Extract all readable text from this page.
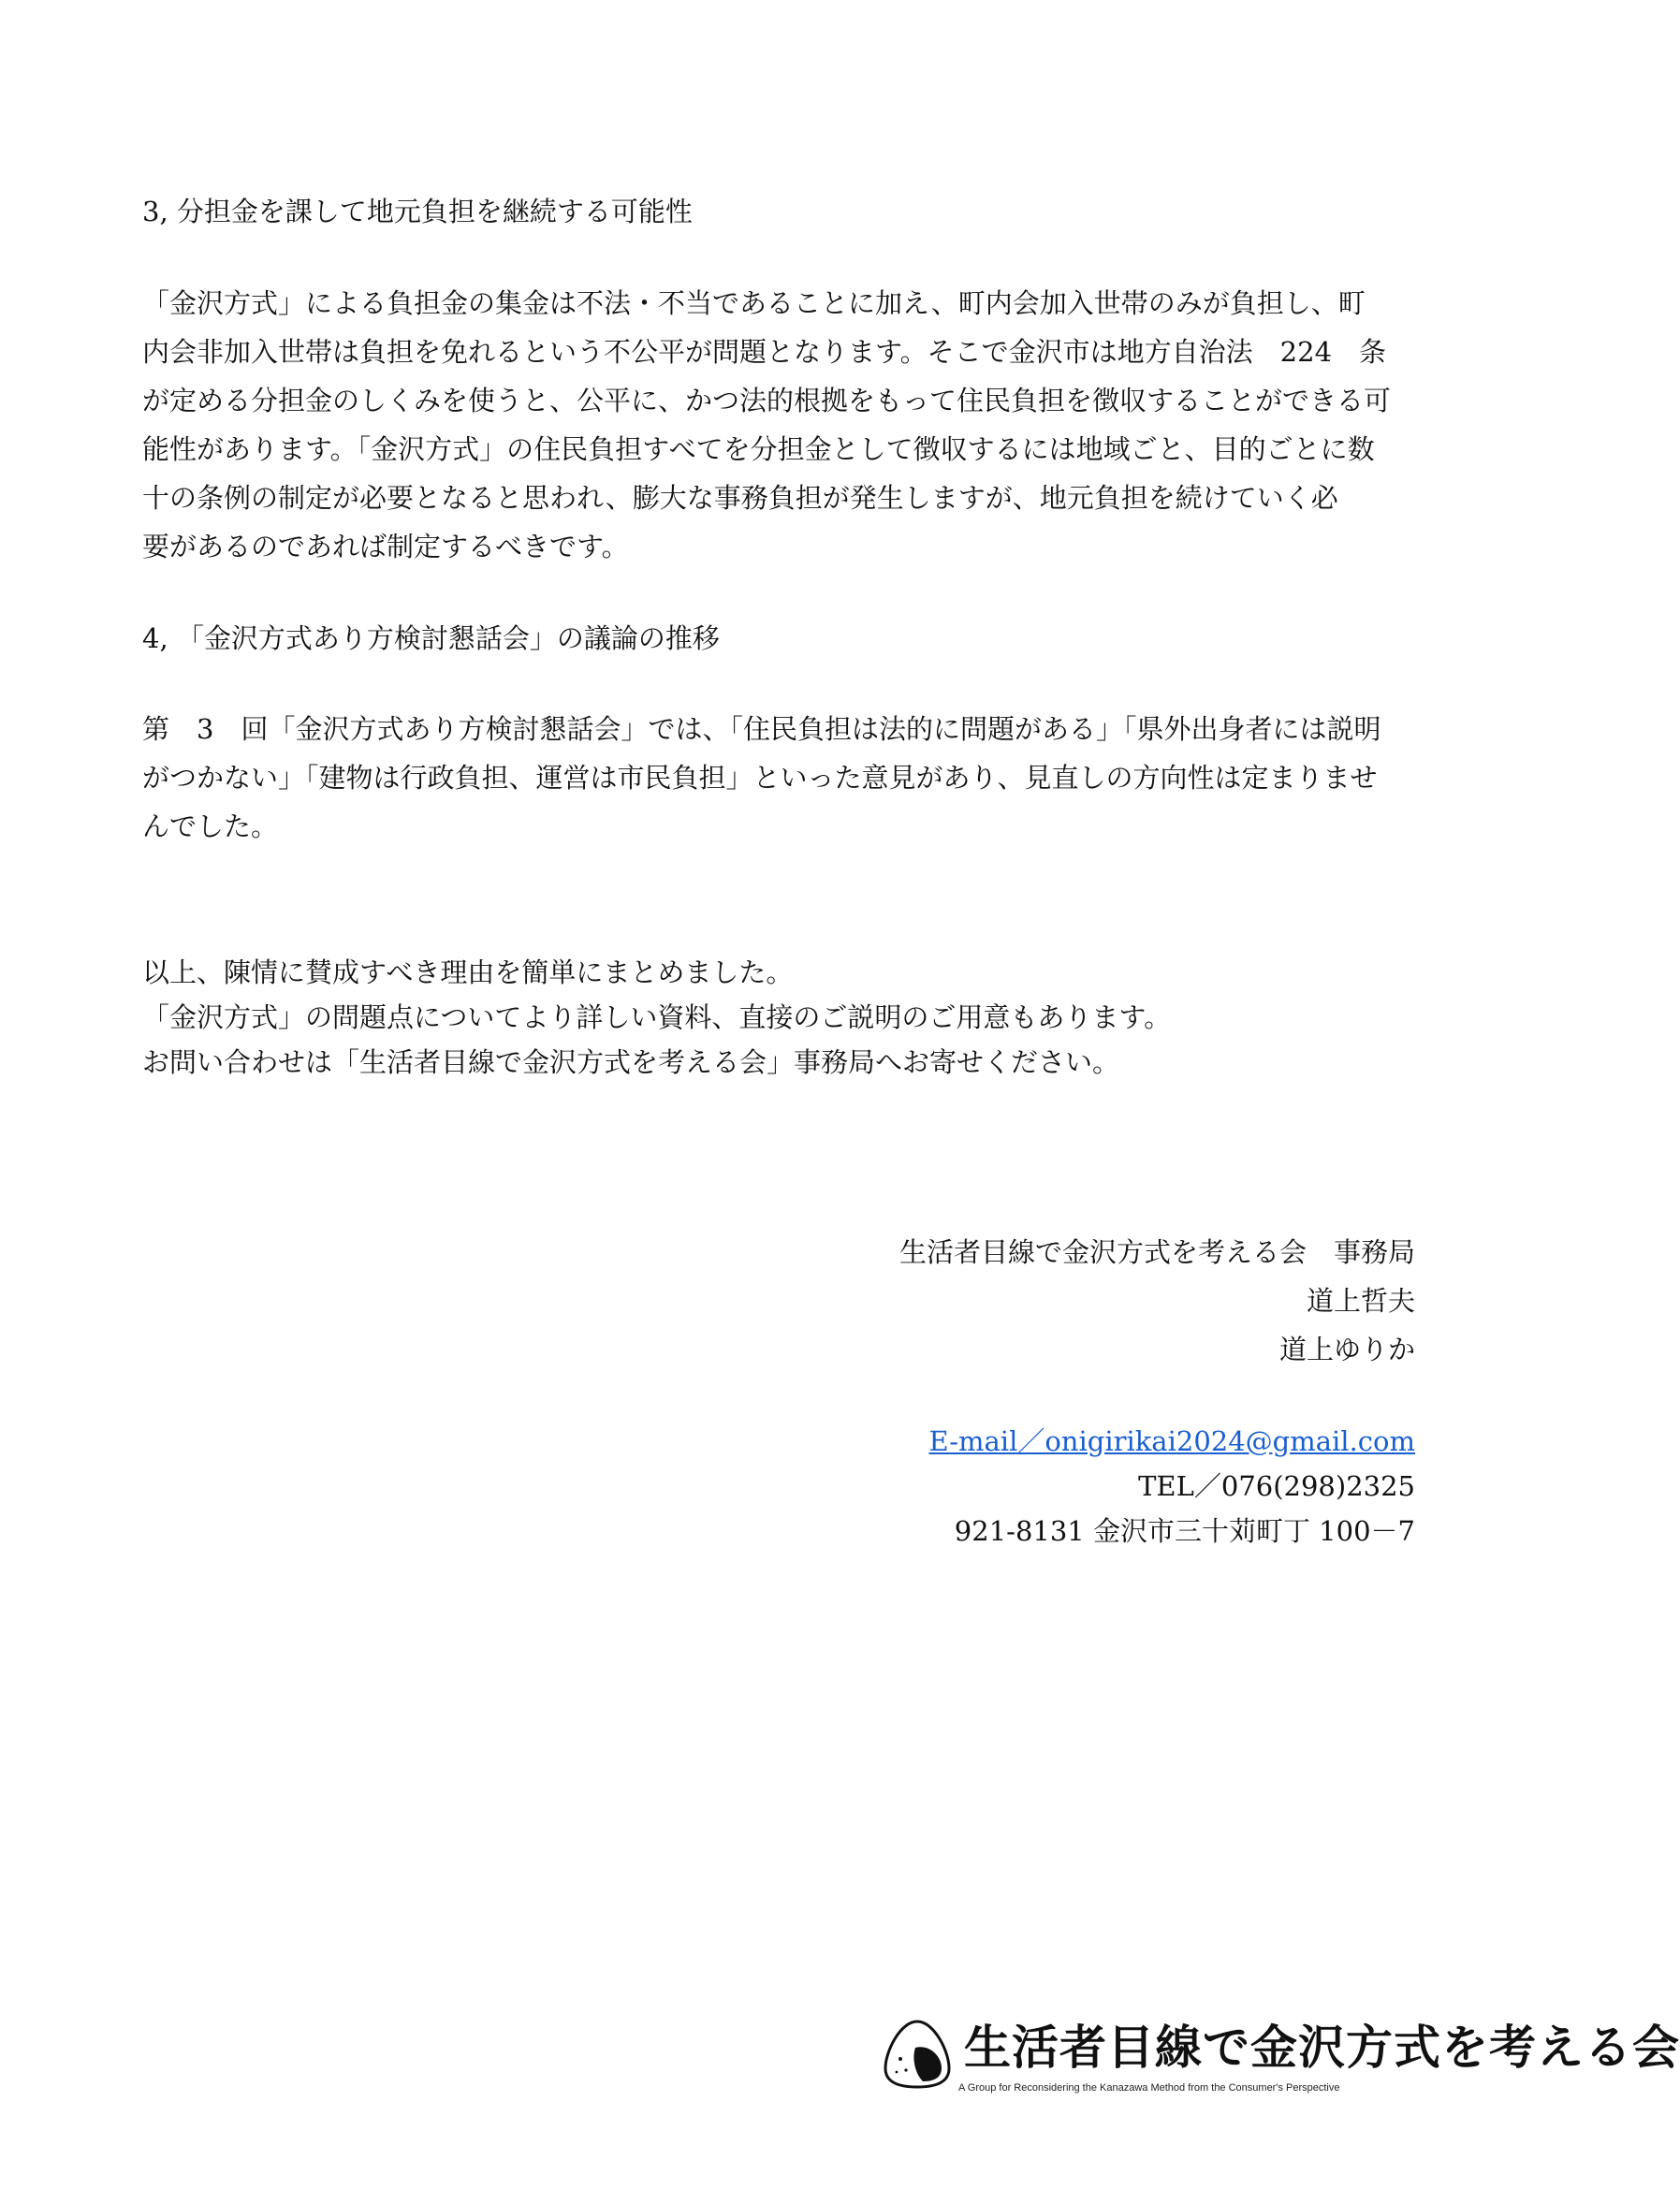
3, 分担金を課して地元負担を継続する可能性
「金沢方式」による負担金の集金は不法・不当であることに加え、町内会加入世帯のみが負担し、町
内会非加入世帯は負担を免れるという不公平が問題となります。そこで金沢市は地方自治法　224　条
が定める分担金のしくみを使うと、公平に、かつ法的根拠をもって住民負担を徴収することができる可
能性があります。「金沢方式」の住民負担すべてを分担金として徴収するには地域ごと、目的ごとに数
十の条例の制定が必要となると思われ、膨大な事務負担が発生しますが、地元負担を続けていく必
要があるのであれば制定するべきです。
4, 「金沢方式あり方検討懇話会」の議論の推移
第　3　回「金沢方式あり方検討懇話会」では、「住民負担は法的に問題がある」「県外出身者には説明
がつかない」「建物は行政負担、運営は市民負担」といった意見があり、見直しの方向性は定まりませ
んでした。
以上、陳情に賛成すべき理由を簡単にまとめました。
「金沢方式」の問題点についてより詳しい資料、直接のご説明のご用意もあります。
お問い合わせは「生活者目線で金沢方式を考える会」事務局へお寄せください。
生活者目線で金沢方式を考える会　事務局
道上哲夫
道上ゆりか
E-mail／onigirikai2024@gmail.com
TEL／076(298)2325
921-8131 金沢市三十苅町丁 100－7
生活者目線で金沢方式を考える会
A Group for Reconsidering the Kanazawa Method from the Consumer's Perspective
